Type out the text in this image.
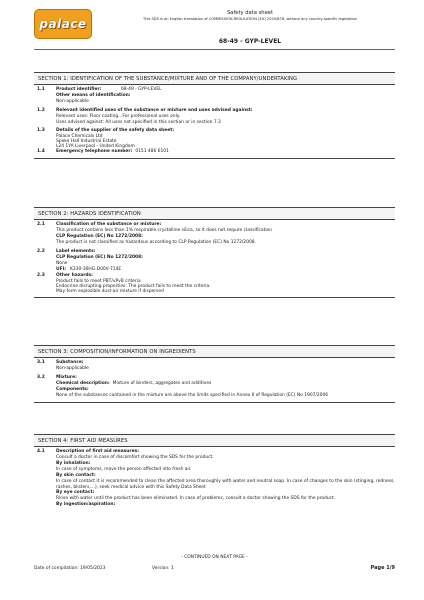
palace
Safety data sheet
This SDS is an English translation of COMMISSION REGULATION (EU) 2020/878, without any country-specific legislation
68-49 - GYP-LEVEL
SECTION 1: IDENTIFICATION OF THE SUBSTANCE/MIXTURE AND OF THE COMPANY/UNDERTAKING
1.1	Product identifier:	68-49 - GYP-LEVEL
Other means of identification:
Non-applicable
1.2	Relevant identified uses of the substance or mixture and uses advised against:
Relevant uses: Floor coating.. For professional uses only.
Uses advised against: All uses not specified in this section or in section 7.3
1.3	Details of the supplier of the safety data sheet:
Palace Chemicals Ltd
Speke Hall Industrial Estate
L24 1YA Liverpool - United Kingdom
1.4	Emergency telephone number: 0151 486 6101
SECTION 2: HAZARDS IDENTIFICATION
2.1	Classification of the substance or mixture:
This product contains less than 1% respirable crystalline silica, so it does not require classification
CLP Regulation (EC) No 1272/2008:
The product is not classified as hazardous according to CLP Regulation (EC) No 1272/2008.
2.2	Label elements:
CLP Regulation (EC) No 1272/2008:
None
UFI: K330-30HG-D00V-714E
2.3	Other hazards:
Product fails to meet PBT/vPvB criteria
Endocrine disrupting properties: The product fails to meet the criteria.
May form explosible dust-air mixture if dispersed
SECTION 3: COMPOSITION/INFORMATION ON INGREDIENTS
3.1	Substance:
Non-applicable
3.2	Mixture:
Chemical description: Mixture of binders, aggregates and additives
Components:
None of the substances contained in the mixture are above the limits specified in Annex II of Regulation (EC) No 1907/2006
SECTION 4: FIRST AID MEASURES
4.1	Description of first aid measures:
Consult a doctor in case of discomfort showing the SDS for the product.
By inhalation:
In case of symptoms, move the person affected into fresh air.
By skin contact:
In case of contact it is recommended to clean the affected area thoroughly with water and neutral soap. In case of changes to the skin (stinging, redness, rashes, blisters,...), seek medical advice with this Safety Data Sheet
By eye contact:
Rinse with water until the product has been eliminated. In case of problems, consult a doctor showing the SDS for the product.
By ingestion/aspiration:
- CONTINUED ON NEXT PAGE -
Date of compilation: 19/05/2023	Version: 1	Page 1/9
